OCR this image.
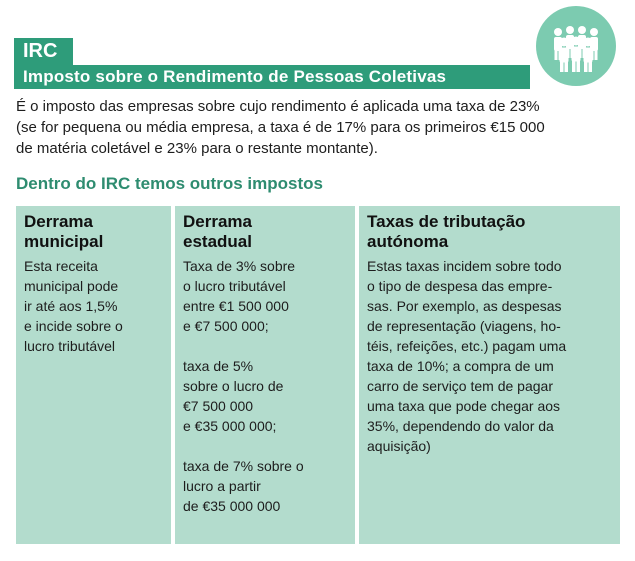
IRC
Imposto sobre o Rendimento de Pessoas Coletivas
É o imposto das empresas sobre cujo rendimento é aplicada uma taxa de 23%
(se for pequena ou média empresa, a taxa é de 17% para os primeiros €15 000
de matéria coletável e 23% para o restante montante).
Dentro do IRC temos outros impostos
Derrama
municipal

Esta receita
municipal pode
ir até aos 1,5%
e incide sobre o
lucro tributável

Derrama
estadual

Taxa de 3% sobre
o lucro tributável
entre €1 500 000
e €7 500 000;

taxa de 5%
sobre o lucro de
€7 500 000
e €35 000 000;

taxa de 7% sobre o
lucro a partir
de €35 000 000

Taxas de tributação
autónoma

Estas taxas incidem sobre todo
o tipo de despesa das empre-
sas. Por exemplo, as despesas
de representação (viagens, ho-
téis, refeições, etc.) pagam uma
taxa de 10%; a compra de um
carro de serviço tem de pagar
uma taxa que pode chegar aos
35%, dependendo do valor da
aquisição)
